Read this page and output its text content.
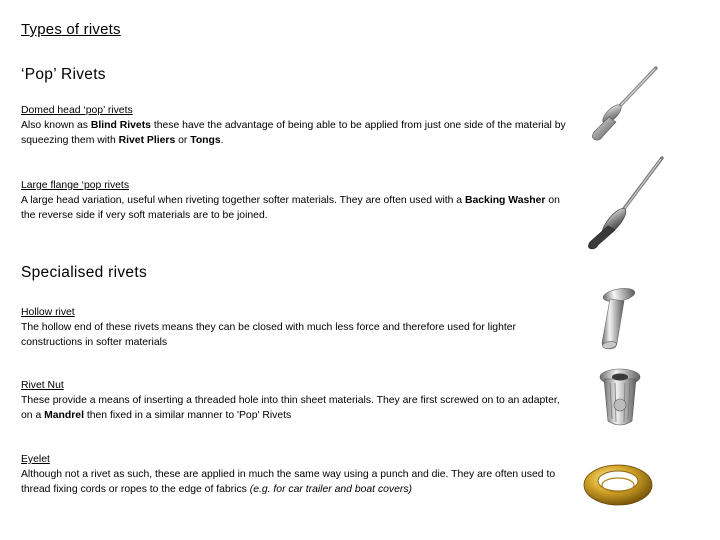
Types of rivets
‘Pop’ Rivets
Domed head ‘pop’ rivets

Also known as Blind Rivets these have the advantage of being able to be applied from just one side of the material by squeezing them with Rivet Pliers or Tongs.

Large flange ‘pop rivets

A large head variation, useful when riveting together softer materials. They are often used with a Backing Washer on the reverse side if very soft materials are to be joined.

Specialised rivets
Hollow rivet

The hollow end of these rivets means they can be closed with much less force and therefore used for lighter constructions in softer materials

Rivet Nut

These provide a means of inserting a threaded hole into thin sheet materials. They are first screwed on to an adapter, on a Mandrel then fixed in a similar manner to 'Pop' Rivets

Eyelet

Although not a rivet as such, these are applied in much the same way using a punch and die. They are often used to thread fixing cords or ropes to the edge of fabrics (e.g. for car trailer and boat covers)
